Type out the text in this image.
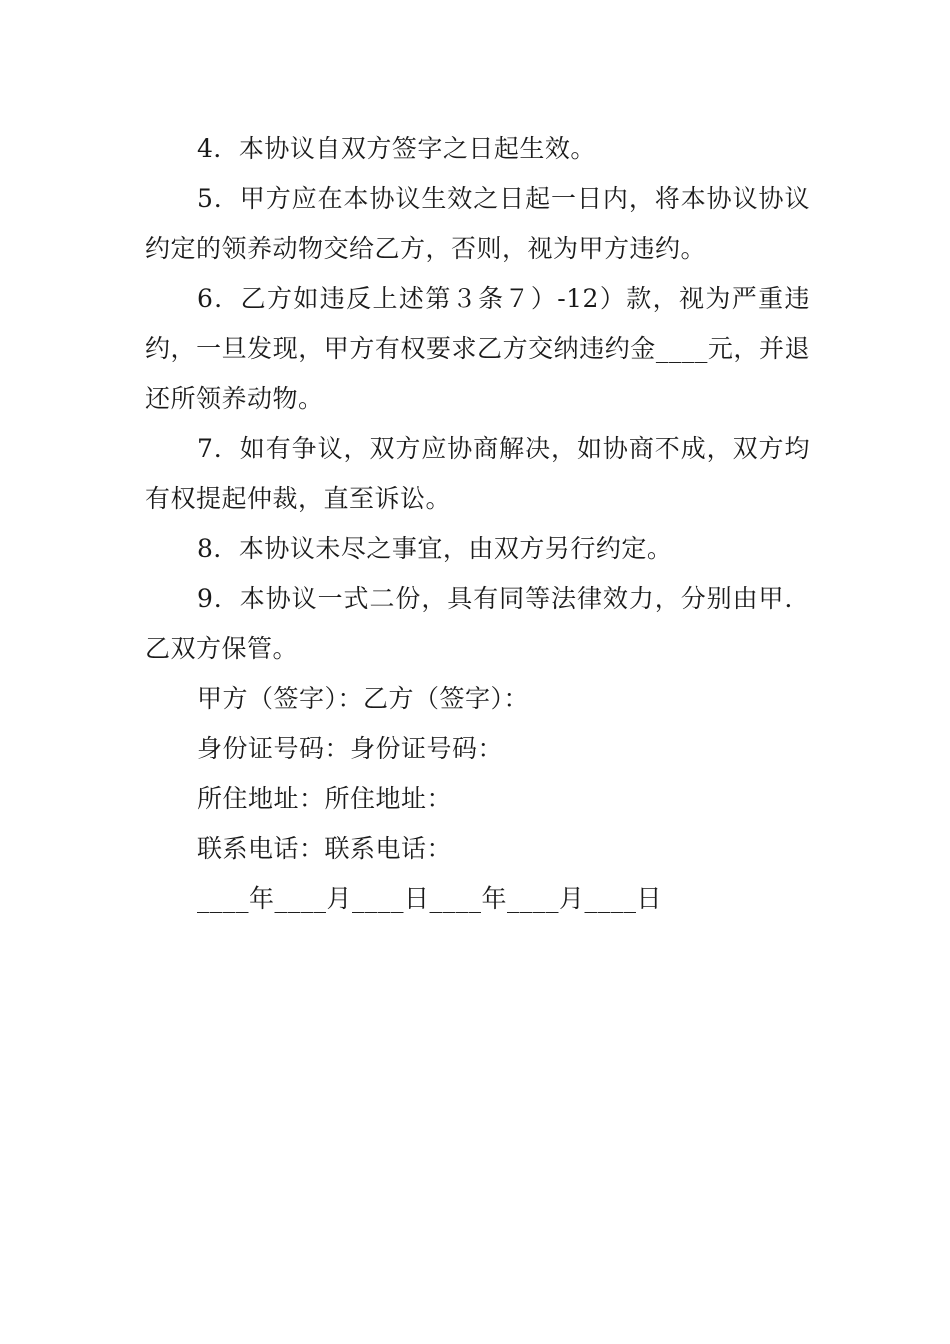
4．本协议自双方签字之日起生效。

5．甲方应在本协议生效之日起一日内，将本协议协议约定的领养动物交给乙方，否则，视为甲方违约。

6．乙方如违反上述第３条７）-12）款，视为严重违约，一旦发现，甲方有权要求乙方交纳违约金____元，并退还所领养动物。

7．如有争议，双方应协商解决，如协商不成，双方均有权提起仲裁，直至诉讼。

8．本协议未尽之事宜，由双方另行约定。

9．本协议一式二份，具有同等法律效力，分别由甲．乙双方保管。

甲方（签字）：乙方（签字）：

身份证号码：身份证号码：

所住地址：所住地址：

联系电话：联系电话：

____年____月____日____年____月____日
